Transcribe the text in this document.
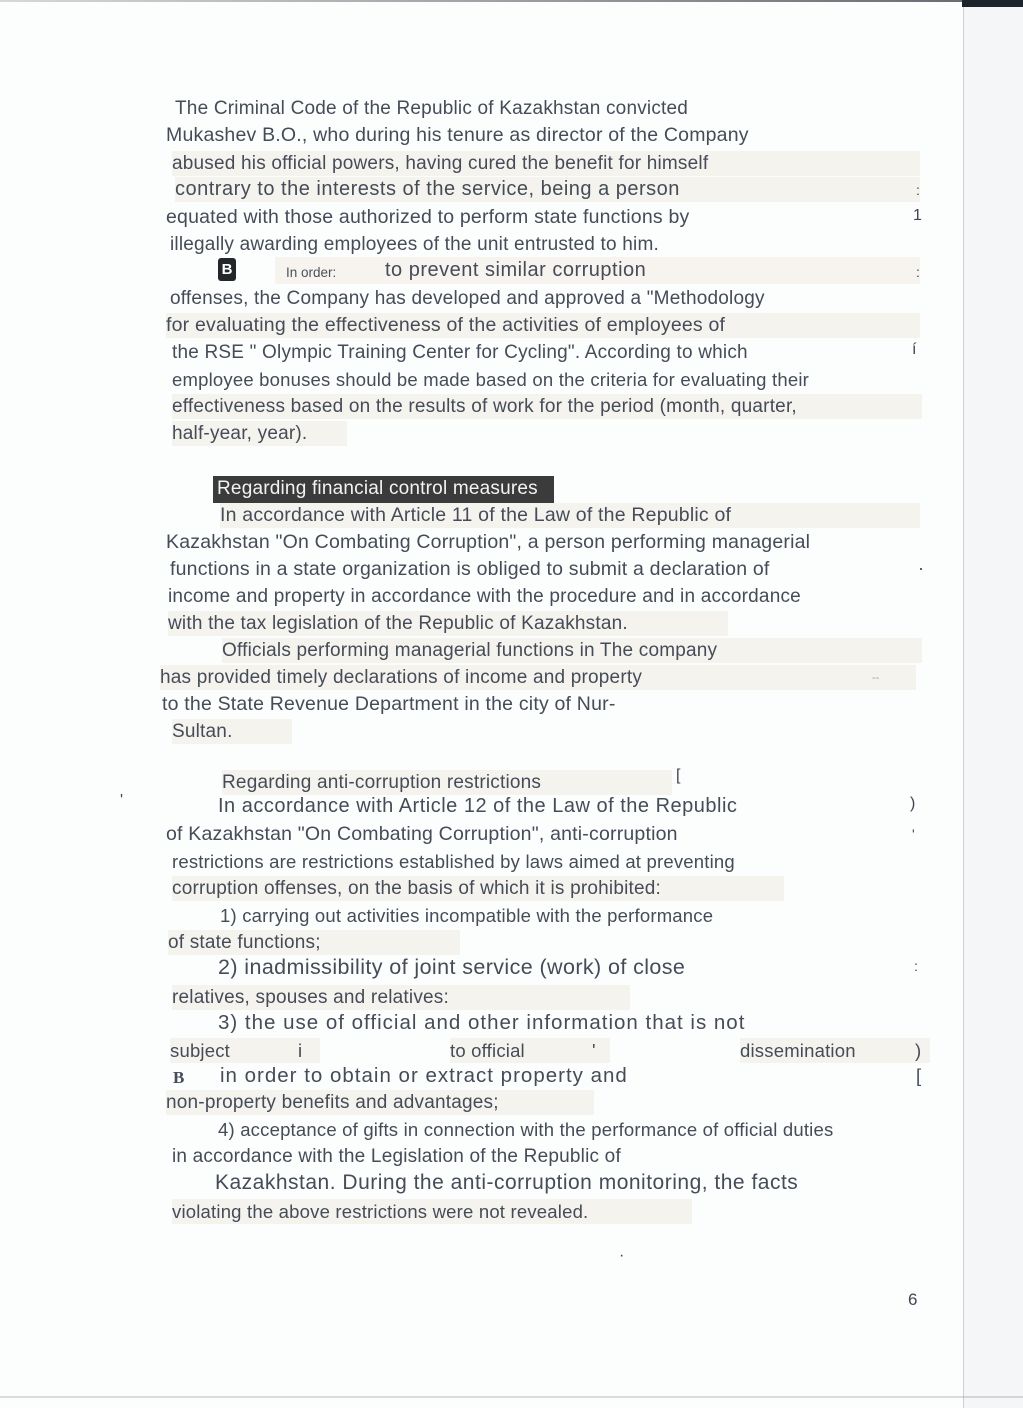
The Criminal Code of the Republic of Kazakhstan convicted
Mukashev B.O., who during his tenure as director of the Company
abused his official powers, having cured the benefit for himself
contrary to the interests of the service, being a person
equated with those authorized to perform state functions by
illegally awarding employees of the unit entrusted to him.
B	In order: to prevent similar corruption
offenses, the Company has developed and approved a "Methodology
for evaluating the effectiveness of the activities of employees of
the RSE " Olympic Training Center for Cycling". According to which
employee bonuses should be made based on the criteria for evaluating their
effectiveness based on the results of work for the period (month, quarter,
half-year, year).
Regarding financial control measures
In accordance with Article 11 of the Law of the Republic of
Kazakhstan "On Combating Corruption", a person performing managerial
functions in a state organization is obliged to submit a declaration of
income and property in accordance with the procedure and in accordance
with the tax legislation of the Republic of Kazakhstan.
Officials performing managerial functions in The company
has provided timely declarations of income and property
to the State Revenue Department in the city of Nur-
Sultan.
Regarding anti-corruption restrictions
In accordance with Article 12 of the Law of the Republic
of Kazakhstan "On Combating Corruption", anti-corruption
restrictions are restrictions established by laws aimed at preventing
corruption offenses, on the basis of which it is prohibited:
1) carrying out activities incompatible with the performance
of state functions;
2) inadmissibility of joint service (work) of close
relatives, spouses and relatives:
3) the use of official and other information that is not
subject	і	to official	'	dissemination	)
B in order to obtain or extract property and	[
non-property benefits and advantages;
4) acceptance of gifts in connection with the performance of official duties
in accordance with the Legislation of the Republic of
Kazakhstan. During the anti-corruption monitoring, the facts
violating the above restrictions were not revealed.
:
1
:
í
·
'	)
'
:
[
·
--
6
